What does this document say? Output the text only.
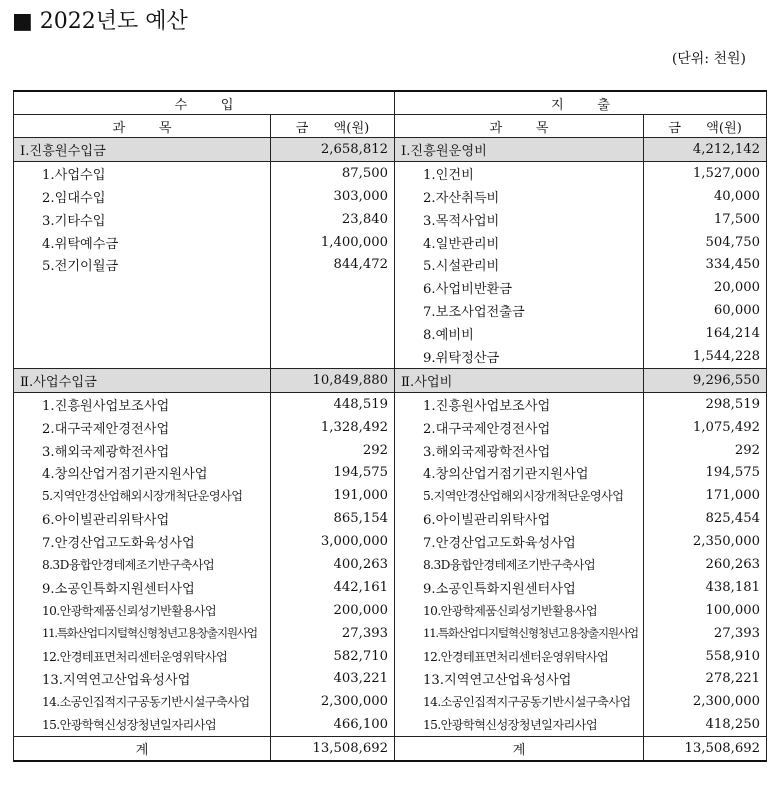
■ 2022년도 예산
(단위: 천원)
수        입		지        출	
과        목	금      액(원)	과        목	금      액(원)
Ⅰ.진흥원수입금	2,658,812	Ⅰ.진흥원운영비	4,212,142
1.사업수입	87,500	1.인건비	1,527,000
2.임대수입	303,000	2.자산취득비	40,000
3.기타수입	23,840	3.목적사업비	17,500
4.위탁예수금	1,400,000	4.일반관리비	504,750
5.전기이월금	844,472	5.시설관리비	334,450
		6.사업비반환금	20,000
		7.보조사업전출금	60,000
		8.예비비	164,214
		9.위탁정산금	1,544,228
Ⅱ.사업수입금	10,849,880	Ⅱ.사업비	9,296,550
1.진흥원사업보조사업	448,519	1.진흥원사업보조사업	298,519
2.대구국제안경전사업	1,328,492	2.대구국제안경전사업	1,075,492
3.해외국제광학전사업	292	3.해외국제광학전사업	292
4.창의산업거점기관지원사업	194,575	4.창의산업거점기관지원사업	194,575
5.지역안경산업해외시장개척단운영사업	191,000	5.지역안경산업해외시장개척단운영사업	171,000
6.아이빌관리위탁사업	865,154	6.아이빌관리위탁사업	825,454
7.안경산업고도화육성사업	3,000,000	7.안경산업고도화육성사업	2,350,000
8.3D융합안경테제조기반구축사업	400,263	8.3D융합안경테제조기반구축사업	260,263
9.소공인특화지원센터사업	442,161	9.소공인특화지원센터사업	438,181
10.안광학제품신뢰성기반활용사업	200,000	10.안광학제품신뢰성기반활용사업	100,000
11.특화산업디지털혁신형청년고용창출지원사업	27,393	11.특화산업디지털혁신형청년고용창출지원사업	27,393
12.안경테표면처리센터운영위탁사업	582,710	12.안경테표면처리센터운영위탁사업	558,910
13.지역연고산업육성사업	403,221	13.지역연고산업육성사업	278,221
14.소공인집적지구공동기반시설구축사업	2,300,000	14.소공인집적지구공동기반시설구축사업	2,300,000
15.안광학혁신성장청년일자리사업	466,100	15.안광학혁신성장청년일자리사업	418,250
계	13,508,692	계	13,508,692
